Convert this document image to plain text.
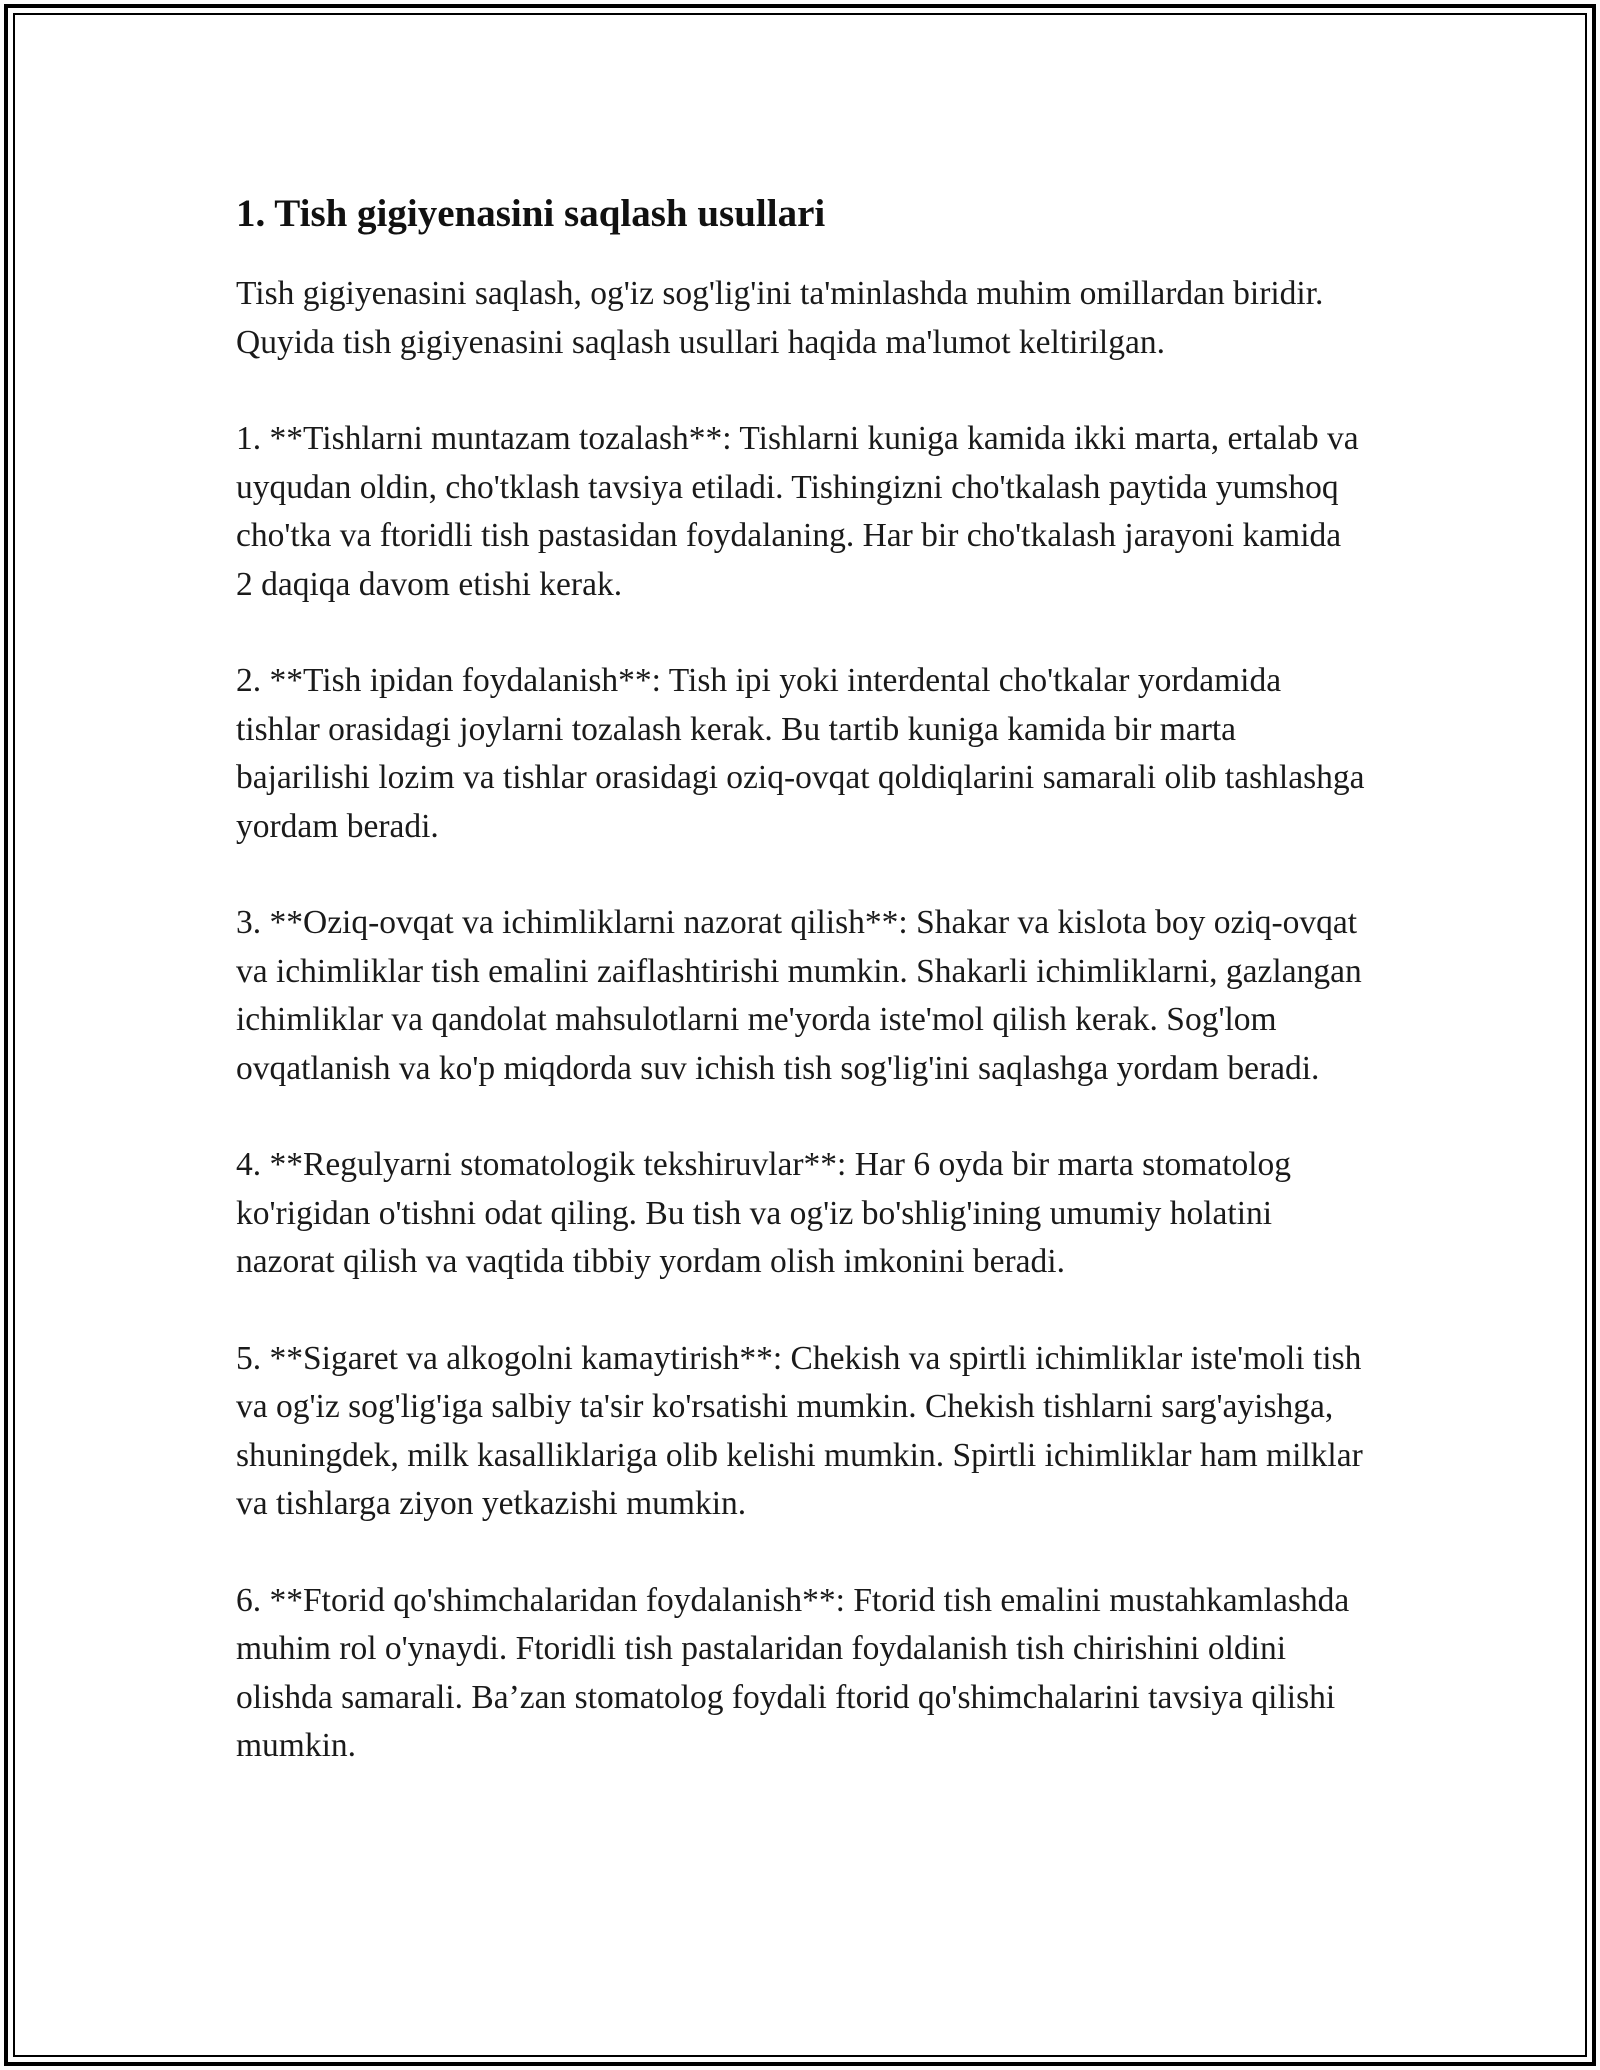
1. Tish gigiyenasini saqlash usullari

Tish gigiyenasini saqlash, og'iz sog'lig'ini ta'minlashda muhim omillardan biridir. Quyida tish gigiyenasini saqlash usullari haqida ma'lumot keltirilgan.

1. **Tishlarni muntazam tozalash**: Tishlarni kuniga kamida ikki marta, ertalab va uyqudan oldin, cho'tklash tavsiya etiladi. Tishingizni cho'tkalash paytida yumshoq cho'tka va ftoridli tish pastasidan foydalaning. Har bir cho'tkalash jarayoni kamida 2 daqiqa davom etishi kerak.

2. **Tish ipidan foydalanish**: Tish ipi yoki interdental cho'tkalar yordamida tishlar orasidagi joylarni tozalash kerak. Bu tartib kuniga kamida bir marta bajarilishi lozim va tishlar orasidagi oziq-ovqat qoldiqlarini samarali olib tashlashga yordam beradi.

3. **Oziq-ovqat va ichimliklarni nazorat qilish**: Shakar va kislota boy oziq-ovqat va ichimliklar tish emalini zaiflashtirishi mumkin. Shakarli ichimliklarni, gazlangan ichimliklar va qandolat mahsulotlarni me'yorda iste'mol qilish kerak. Sog'lom ovqatlanish va ko'p miqdorda suv ichish tish sog'lig'ini saqlashga yordam beradi.

4. **Regulyarni stomatologik tekshiruvlar**: Har 6 oyda bir marta stomatolog ko'rigidan o'tishni odat qiling. Bu tish va og'iz bo'shlig'ining umumiy holatini nazorat qilish va vaqtida tibbiy yordam olish imkonini beradi.

5. **Sigaret va alkogolni kamaytirish**: Chekish va spirtli ichimliklar iste'moli tish va og'iz sog'lig'iga salbiy ta'sir ko'rsatishi mumkin. Chekish tishlarni sarg'ayishga, shuningdek, milk kasalliklariga olib kelishi mumkin. Spirtli ichimliklar ham milklar va tishlarga ziyon yetkazishi mumkin.

6. **Ftorid qo'shimchalaridan foydalanish**: Ftorid tish emalini mustahkamlashda muhim rol o'ynaydi. Ftoridli tish pastalaridan foydalanish tish chirishini oldini olishda samarali. Ba’zan stomatolog foydali ftorid qo'shimchalarini tavsiya qilishi mumkin.
